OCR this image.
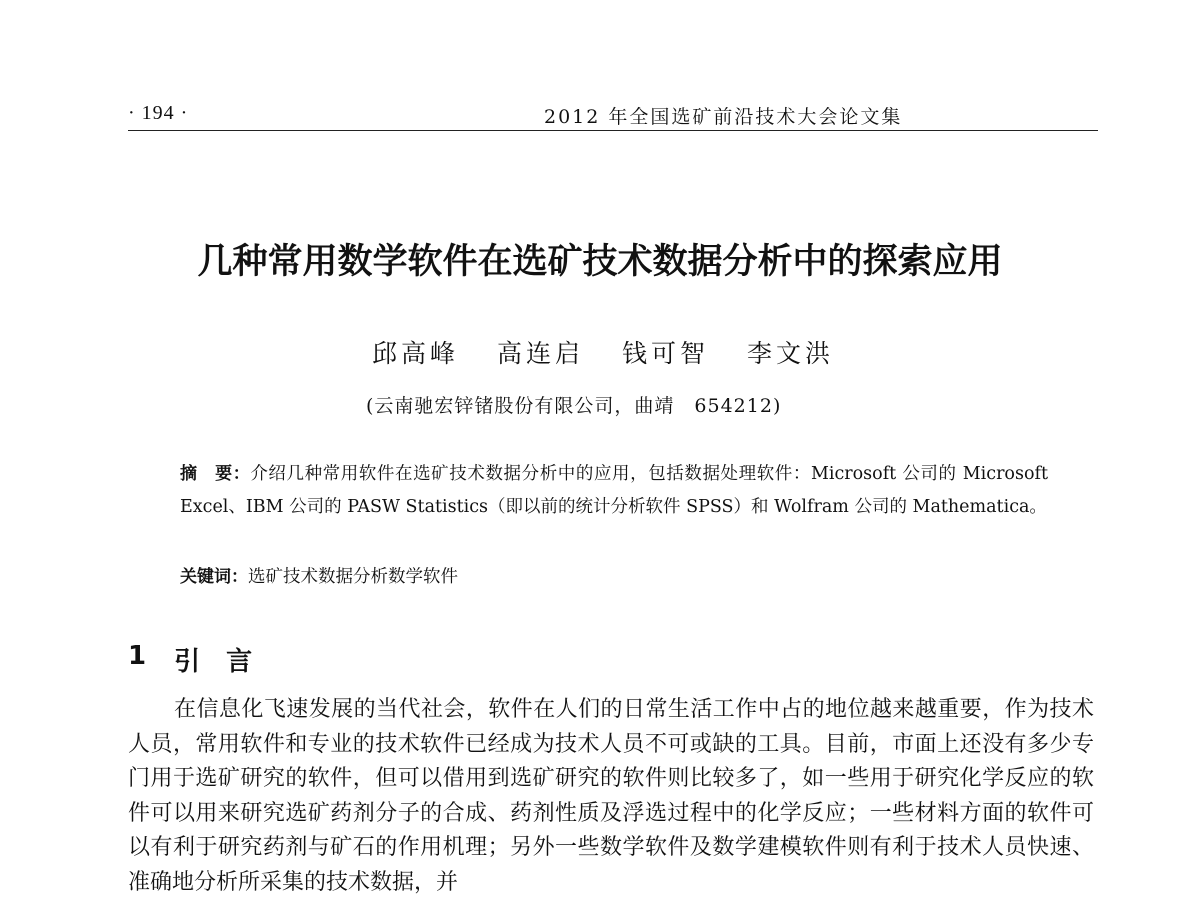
· 194 ·	2012 年全国选矿前沿技术大会论文集
几种常用数学软件在选矿技术数据分析中的探索应用
邱高峰 高连启 钱可智 李文洪
(云南驰宏锌锗股份有限公司，曲靖　654212)

摘　要：介绍几种常用软件在选矿技术数据分析中的应用，包括数据处理软件：Microsoft 公司的 Microsoft Excel、IBM 公司的 PASW Statistics（即以前的统计分析软件 SPSS）和 Wolfram 公司的 Mathematica。

关键词：选矿技术数据分析数学软件
1 引言

在信息化飞速发展的当代社会，软件在人们的日常生活工作中占的地位越来越重要，作为技术人员，常用软件和专业的技术软件已经成为技术人员不可或缺的工具。目前，市面上还没有多少专门用于选矿研究的软件，但可以借用到选矿研究的软件则比较多了，如一些用于研究化学反应的软件可以用来研究选矿药剂分子的合成、药剂性质及浮选过程中的化学反应；一些材料方面的软件可以有利于研究药剂与矿石的作用机理；另外一些数学软件及数学建模软件则有利于技术人员快速、准确地分析所采集的技术数据，并
